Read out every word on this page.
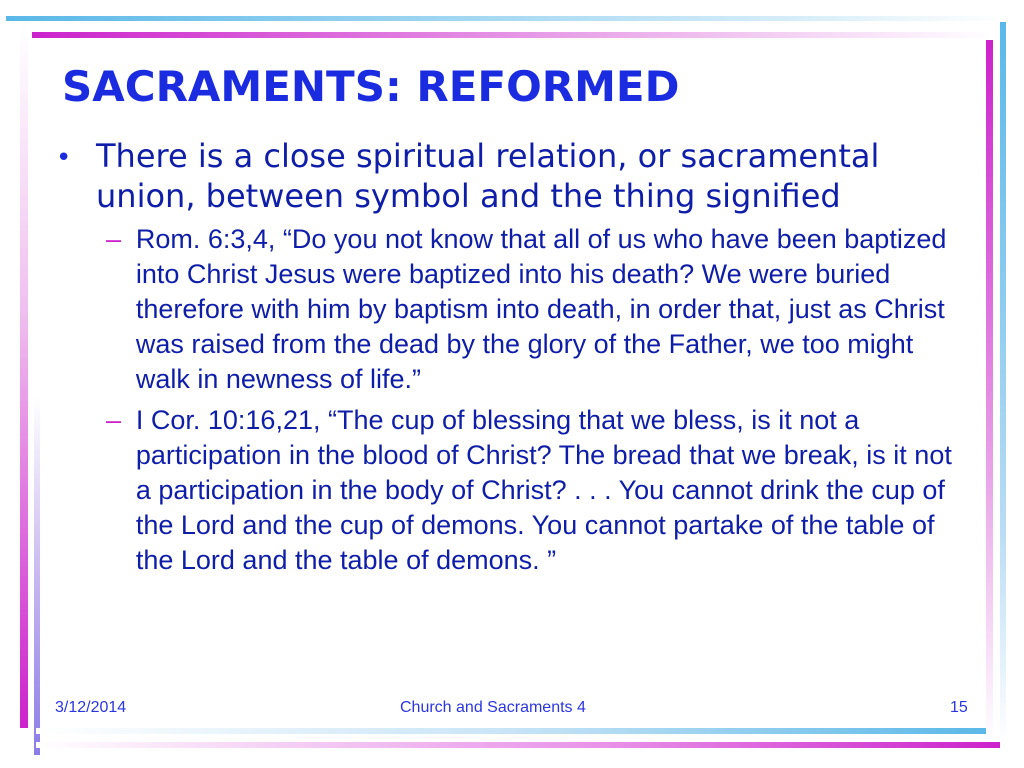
SACRAMENTS: REFORMED
• There is a close spiritual relation, or sacramental union, between symbol and the thing signified
– Rom. 6:3,4, “Do you not know that all of us who have been baptized into Christ Jesus were baptized into his death? We were buried therefore with him by baptism into death, in order that, just as Christ was raised from the dead by the glory of the Father, we too might walk in newness of life.”
– I Cor. 10:16,21, “The cup of blessing that we bless, is it not a participation in the blood of Christ? The bread that we break, is it not a participation in the body of Christ? . . . You cannot drink the cup of the Lord and the cup of demons. You cannot partake of the table of the Lord and the table of demons. ”
3/12/2014	Church and Sacraments 4	15
